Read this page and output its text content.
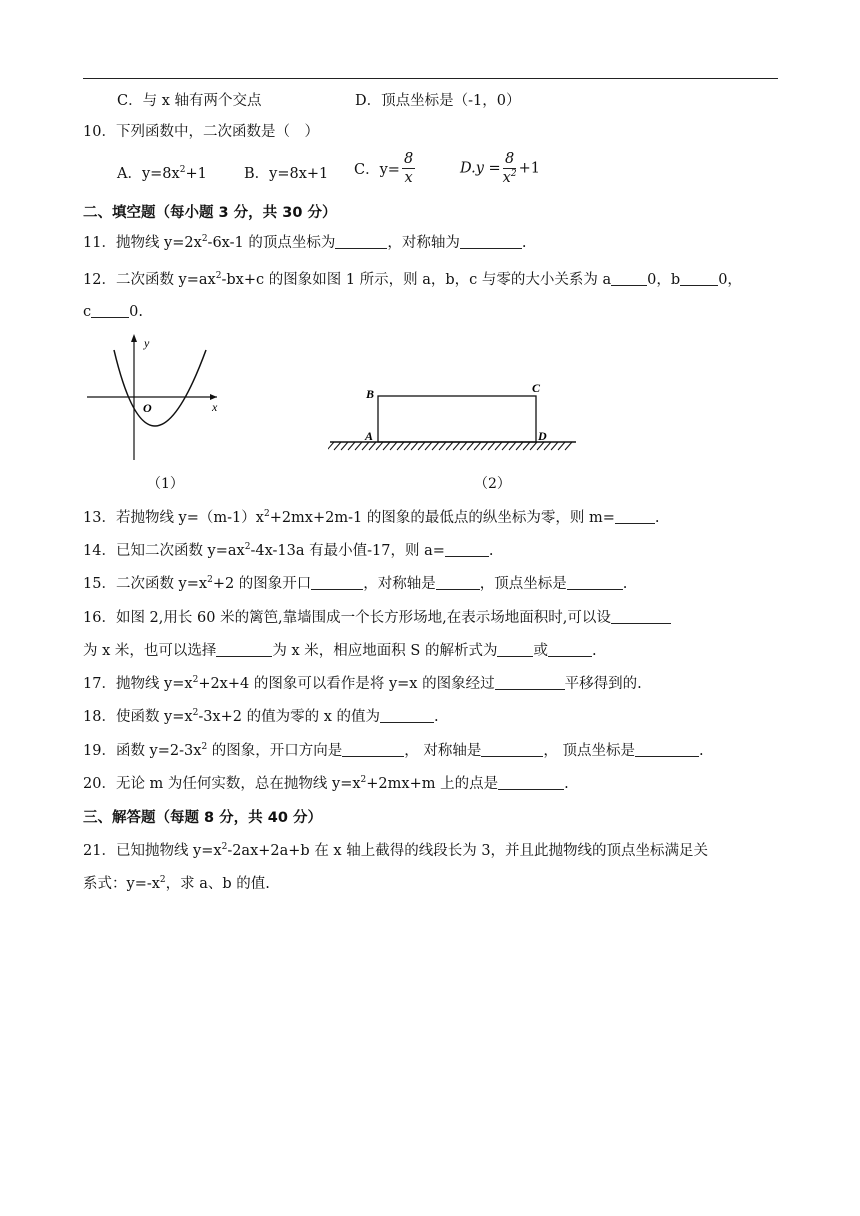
C．与 x 轴有两个交点	D．顶点坐标是（-1，0）
10．下列函数中，二次函数是（　）
A．$y=8x^2+1$	B．y=8x+1 C．$y= \frac{8}{x}$	$D.y = \frac{8}{x^2} +1$
二、填空题（每小题 3 分，共 30 分）
11．抛物线 $y=2x^2-6x-1$ 的顶点坐标为	，对称轴为	.
12．二次函数 $y=ax^2-bx+c$ 的图象如图 1 所示，则 a，b，c 与零的大小关系为 a 0，b	0，
c	0.
y
x
O
（1）
B	C
A	D
（2）
13．若抛物线 $y=(m-1)x^2+2mx+2m-1$ 的图象的最低点的纵坐标为零，则 m=	.
14．已知二次函数 $y=ax^2-4x-13a$ 有最小值-17，则 a=	.
15．二次函数 $y=x^2+2$ 的图象开口	，对称轴是	，顶点坐标是	.
16．如图 2,用长 60 米的篱笆,靠墙围成一个长方形场地,在表示场地面积时,可以设
为 x 米，也可以选择	为 x 米，相应地面积 S 的解析式为 或	.
17．抛物线 $y=x^2+2x+4$ 的图象可以看作是将 y=x 的图象经过	平移得到的.
18．使函数 $y=x^2-3x+2$ 的值为零的 x 的值为	.
19．函数 $y=2-3x^2$ 的图象，开口方向是	， 对称轴是	， 顶点坐标是	.
20．无论 m 为任何实数，总在抛物线 $y=x^2+2mx+m$ 上的点是	.
三、解答题（每题 8 分，共 40 分）
21．已知抛物线 $y=x^2-2ax+2a+b$ 在 x 轴上截得的线段长为 3，并且此抛物线的顶点坐标满足关
系式：$y=-x^2$，求 a、b 的值.
